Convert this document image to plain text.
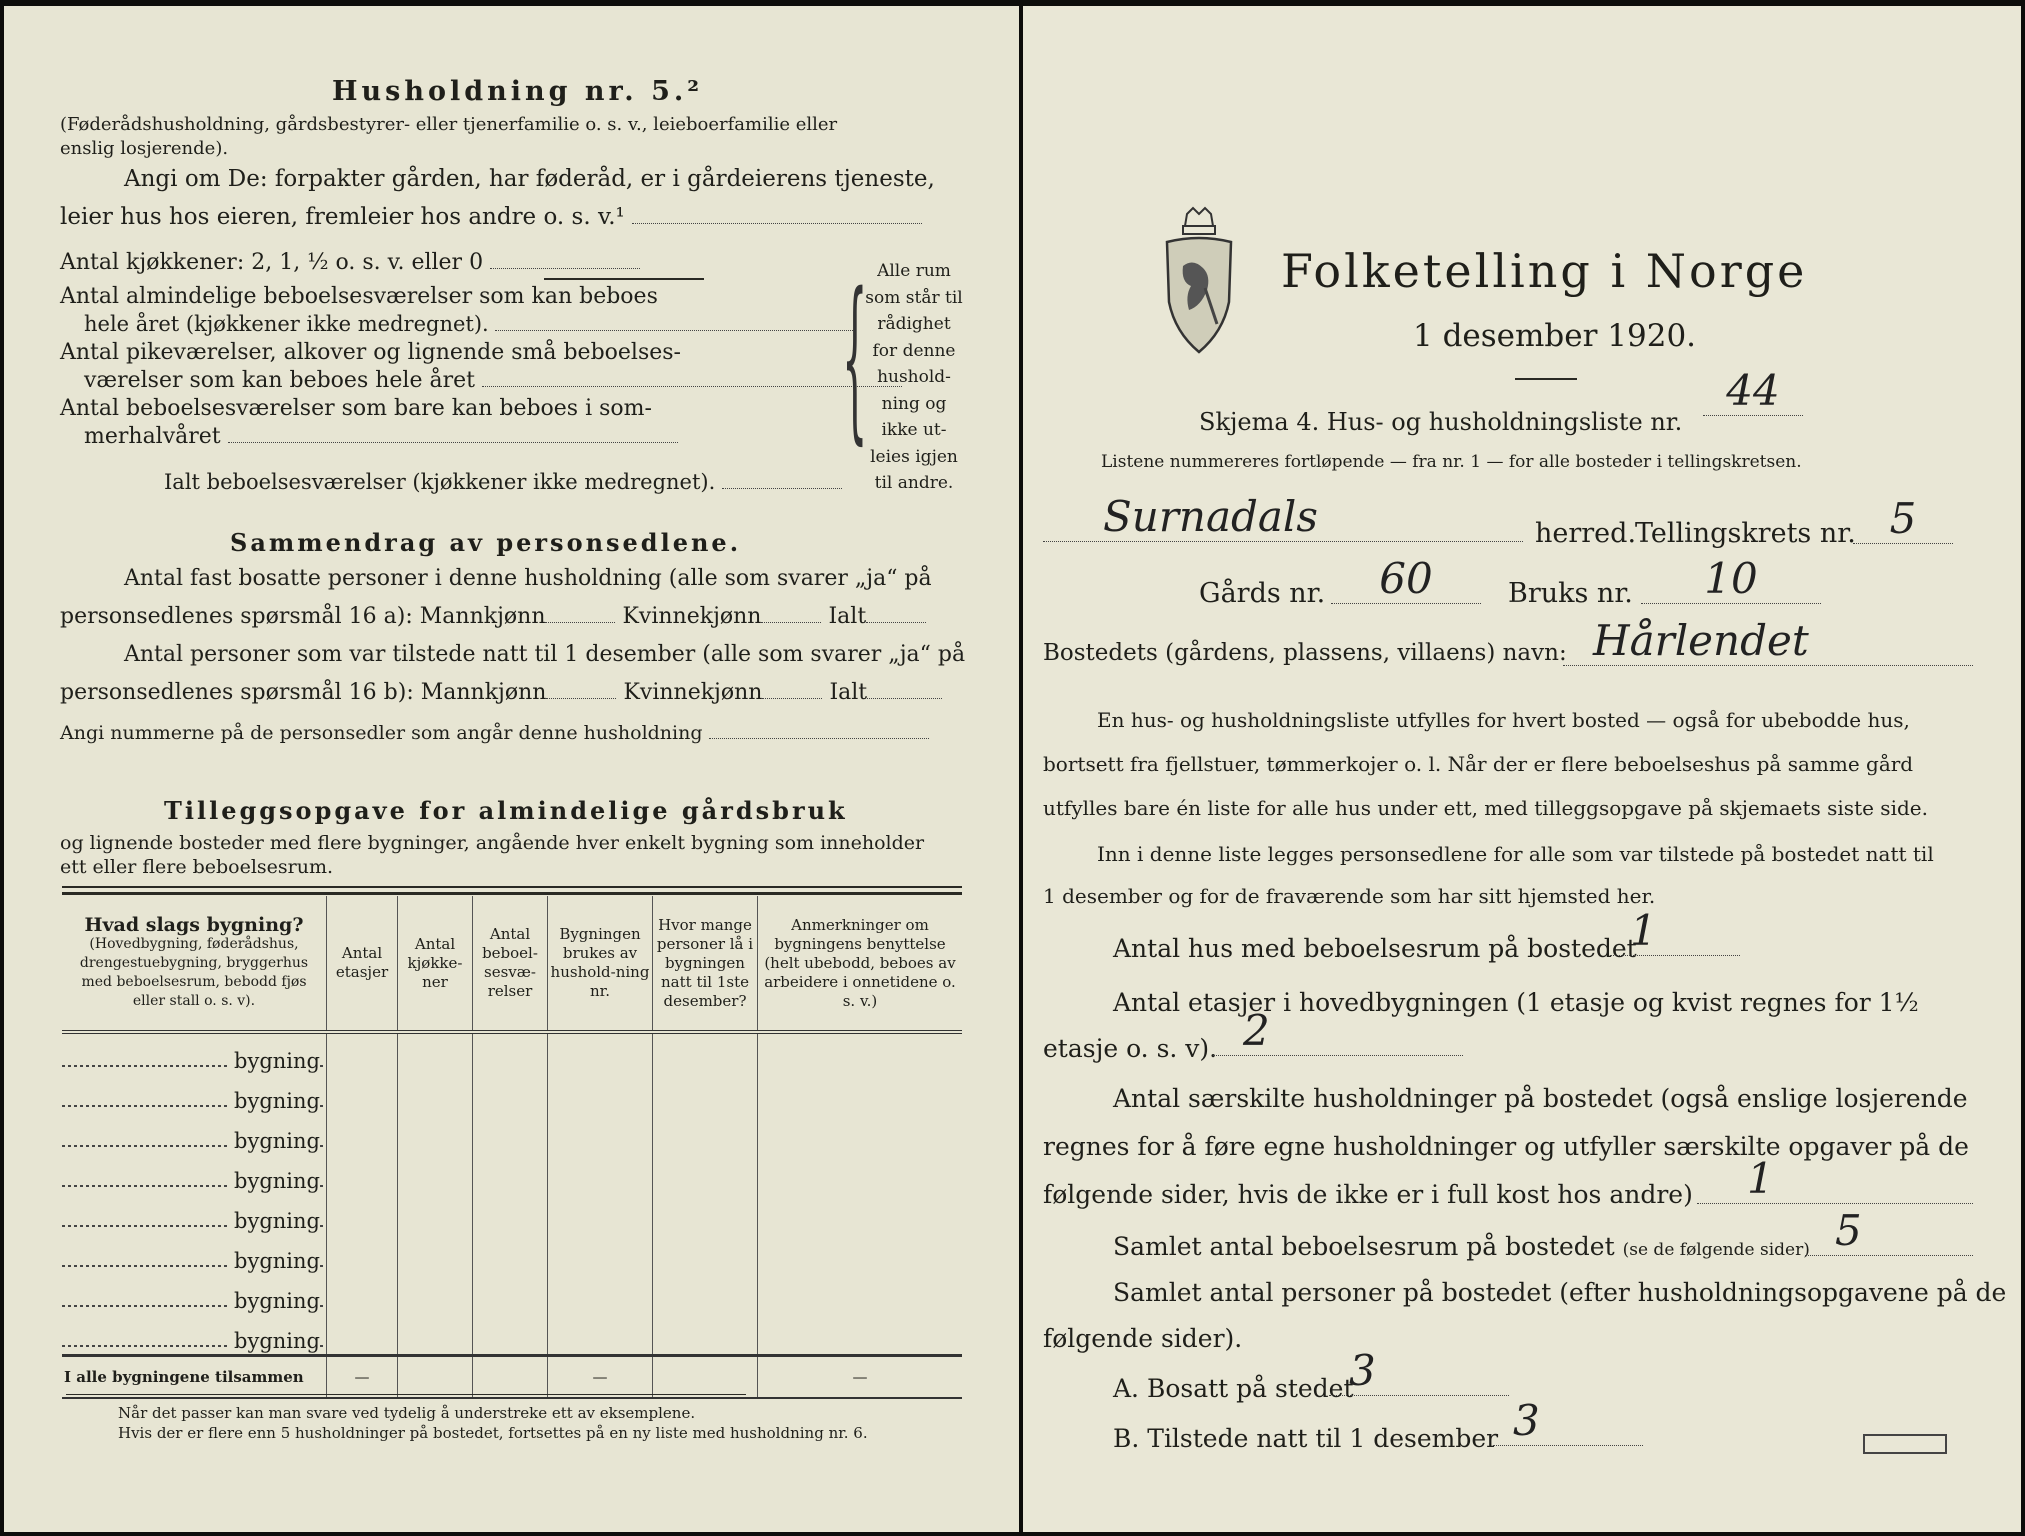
Husholdning nr. 5.²
(Føderådshusholdning, gårdsbestyrer- eller tjenerfamilie o. s. v., leieboerfamilie eller
enslig losjerende).
Angi om De: forpakter gården, har føderåd, er i gårdeierens tjeneste,
leier hus hos eieren, fremleier hos andre o. s. v.¹
Antal kjøkkener: 2, 1, ½ o. s. v. eller 0
Antal almindelige beboelsesværelser som kan beboes
hele året (kjøkkener ikke medregnet).
Antal pikeværelser, alkover og lignende små beboelses-
værelser som kan beboes hele året
Antal beboelsesværelser som bare kan beboes i som-
merhalvåret
Ialt beboelsesværelser (kjøkkener ikke medregnet).
{ Alle rum
som står til
rådighet
for denne
hushold-
ning og
ikke ut-
leies igjen
til andre.
Sammendrag av personsedlene.
Antal fast bosatte personer i denne husholdning (alle som svarer „ja“ på
personsedlenes spørsmål 16 a): Mannkjønn	Kvinnekjønn	Ialt
Antal personer som var tilstede natt til 1 desember (alle som svarer „ja“ på
personsedlenes spørsmål 16 b): Mannkjønn	Kvinnekjønn	Ialt
Angi nummerne på de personsedler som angår denne husholdning
Tilleggsopgave for almindelige gårdsbruk
og lignende bosteder med flere bygninger, angående hver enkelt bygning som inneholder
ett eller flere beboelsesrum.
Hvad slags bygning?
(Hovedbygning, føderådshus, drengestuebygning, bryggerhus med beboelsesrum, bebodd fjøs eller stall o. s. v).	Antal etasjer	Antal kjøkke-ner	Antal beboel-sesvæ-relser	Bygningen brukes av hushold-ning nr.	Hvor mange personer lå i bygningen natt til 1ste desember?	Anmerkninger om bygningens benyttelse (helt ubebodd, beboes av arbeidere i onnetidene o. s. v.)
bygning						
bygning						
bygning						
bygning						
bygning						
bygning						
bygning						
bygning						
I alle bygningene tilsammen	—			—		—
Når det passer kan man svare ved tydelig å understreke ett av eksemplene.
Hvis der er flere enn 5 husholdninger på bostedet, fortsettes på en ny liste med husholdning nr. 6.
Folketelling i Norge
1 desember 1920.
Skjema 4. Hus- og husholdningsliste nr.
44
Listene nummereres fortløpende — fra nr. 1 — for alle bosteder i tellingskretsen.
Surnadals	herred.
Tellingskrets nr. 5
Gårds nr.	60	Bruks nr.	10
Bostedets (gårdens, plassens, villaens) navn: Hårlendet
En hus- og husholdningsliste utfylles for hvert bosted — også for ubebodde hus,
bortsett fra fjellstuer, tømmerkojer o. l. Når der er flere beboelseshus på samme gård
utfylles bare én liste for alle hus under ett, med tilleggsopgave på skjemaets siste side.
Inn i denne liste legges personsedlene for alle som var tilstede på bostedet natt til
1 desember og for de fraværende som har sitt hjemsted her.
Antal hus med beboelsesrum på bostedet
1
Antal etasjer i hovedbygningen (1 etasje og kvist regnes for 1½
etasje o. s. v). 2
Antal særskilte husholdninger på bostedet (også enslige losjerende
regnes for å føre egne husholdninger og utfyller særskilte opgaver på de
følgende sider, hvis de ikke er i full kost hos andre)	1
Samlet antal beboelsesrum på bostedet (se de følgende sider) 5
Samlet antal personer på bostedet (efter husholdningsopgavene på de
følgende sider).
A. Bosatt på stedet
3
B. Tilstede natt til 1 desember 3
